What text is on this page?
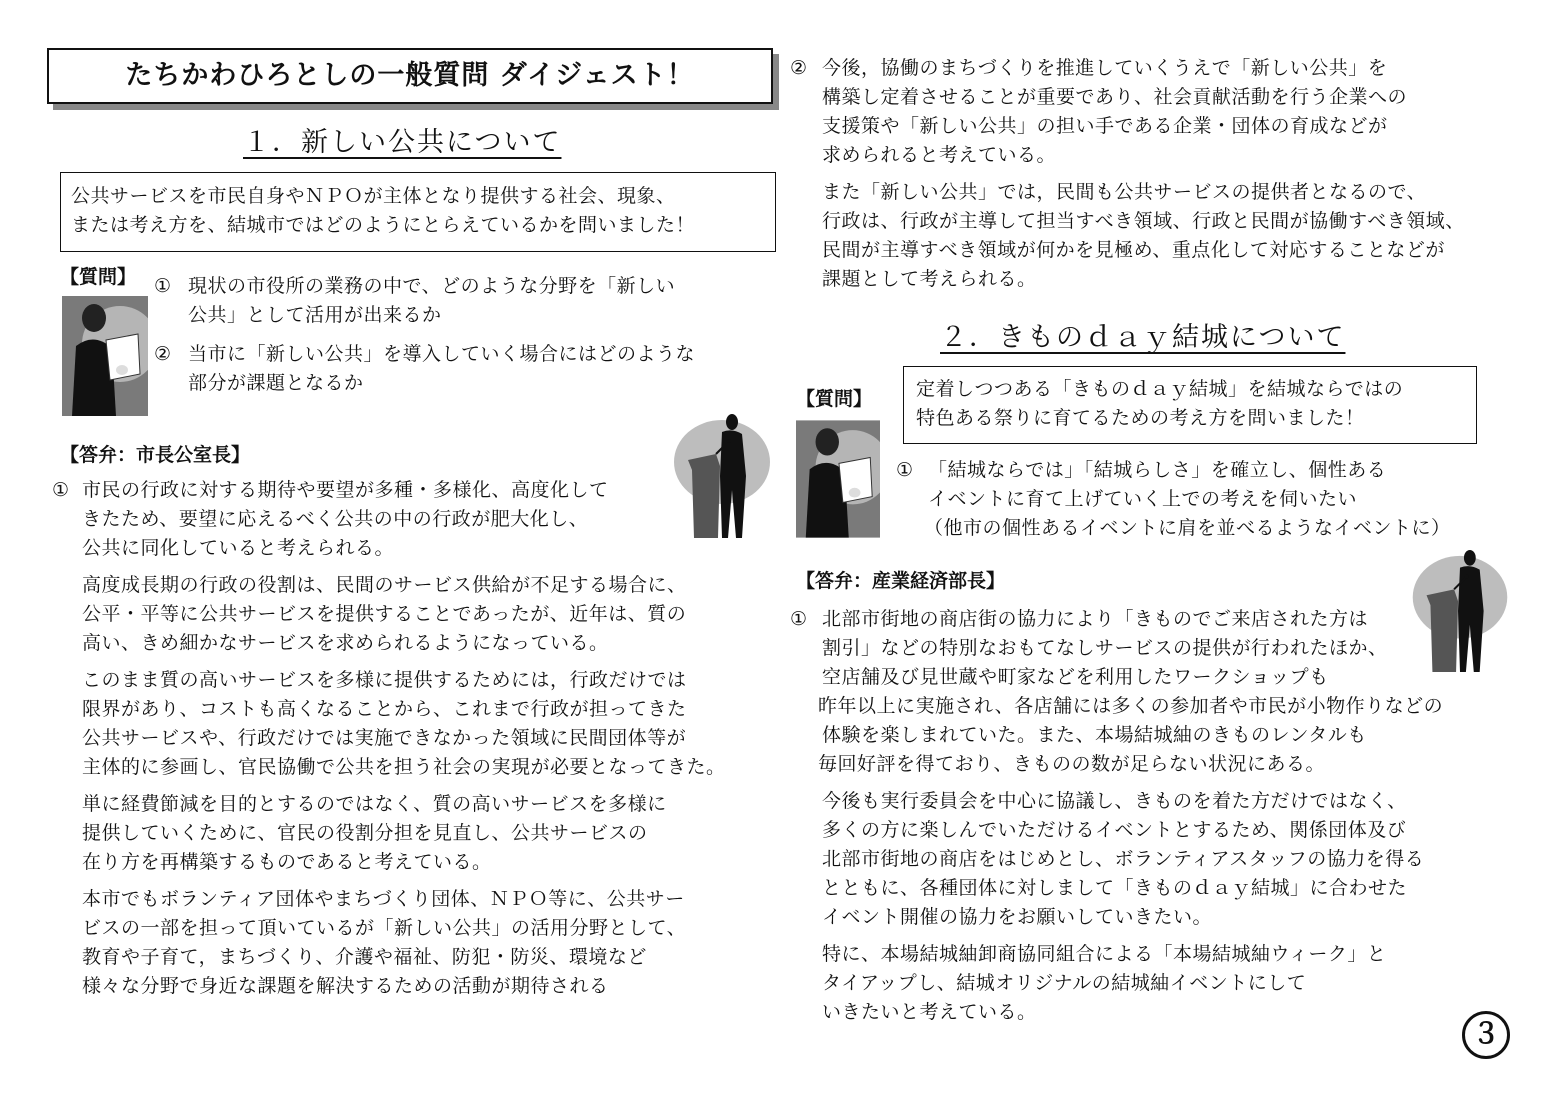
たちかわひろとしの一般質問 ダイジェスト！
１．新しい公共について
公共サービスを市民自身やＮＰＯが主体となり提供する社会、現象、
または考え方を、結城市ではどのようにとらえているかを問いました！
【質問】 ① 現状の市役所の業務の中で、どのような分野を「新しい
公共」として活用が出来るか
② 当市に「新しい公共」を導入していく場合にはどのような
部分が課題となるか
【答弁：市長公室長】
① 市民の行政に対する期待や要望が多種・多様化、高度化して
きたため、要望に応えるべく公共の中の行政が肥大化し、
公共に同化していると考えられる。
高度成長期の行政の役割は、民間のサービス供給が不足する場合に、
公平・平等に公共サービスを提供することであったが、近年は、質の
高い、きめ細かなサービスを求められるようになっている。
このまま質の高いサービスを多様に提供するためには，行政だけでは
限界があり、コストも高くなることから、これまで行政が担ってきた
公共サービスや、行政だけでは実施できなかった領域に民間団体等が
主体的に参画し、官民協働で公共を担う社会の実現が必要となってきた。
単に経費節減を目的とするのではなく、質の高いサービスを多様に
提供していくために、官民の役割分担を見直し、公共サービスの
在り方を再構築するものであると考えている。
本市でもボランティア団体やまちづくり団体、ＮＰＯ等に、公共サー
ビスの一部を担って頂いているが「新しい公共」の活用分野として、
教育や子育て，まちづくり、介護や福祉、防犯・防災、環境など
様々な分野で身近な課題を解決するための活動が期待される
② 今後，協働のまちづくりを推進していくうえで「新しい公共」を
構築し定着させることが重要であり、社会貢献活動を行う企業への
支援策や「新しい公共」の担い手である企業・団体の育成などが
求められると考えている。
また「新しい公共」では，民間も公共サービスの提供者となるので、
行政は、行政が主導して担当すべき領域、行政と民間が協働すべき領域、
民間が主導すべき領域が何かを見極め、重点化して対応することなどが
課題として考えられる。
２．きものｄａｙ結城について
【質問】 定着しつつある「きものｄａｙ結城」を結城ならではの
特色ある祭りに育てるための考え方を問いました！
① 「結城ならでは」「結城らしさ」を確立し、個性ある
イベントに育て上げていく上での考えを伺いたい
（他市の個性あるイベントに肩を並べるようなイベントに）
【答弁：産業経済部長】
① 北部市街地の商店街の協力により「きものでご来店された方は
割引」などの特別なおもてなしサービスの提供が行われたほか、
空店舗及び見世蔵や町家などを利用したワークショップも
昨年以上に実施され、各店舗には多くの参加者や市民が小物作りなどの
体験を楽しまれていた。また、本場結城紬のきものレンタルも
毎回好評を得ており、きものの数が足らない状況にある。
今後も実行委員会を中心に協議し、きものを着た方だけではなく、
多くの方に楽しんでいただけるイベントとするため、関係団体及び
北部市街地の商店をはじめとし、ボランティアスタッフの協力を得る
とともに、各種団体に対しまして「きものｄａｙ結城」に合わせた
イベント開催の協力をお願いしていきたい。
特に、本場結城紬卸商協同組合による「本場結城紬ウィーク」と
タイアップし、結城オリジナルの結城紬イベントにして
いきたいと考えている。
３
